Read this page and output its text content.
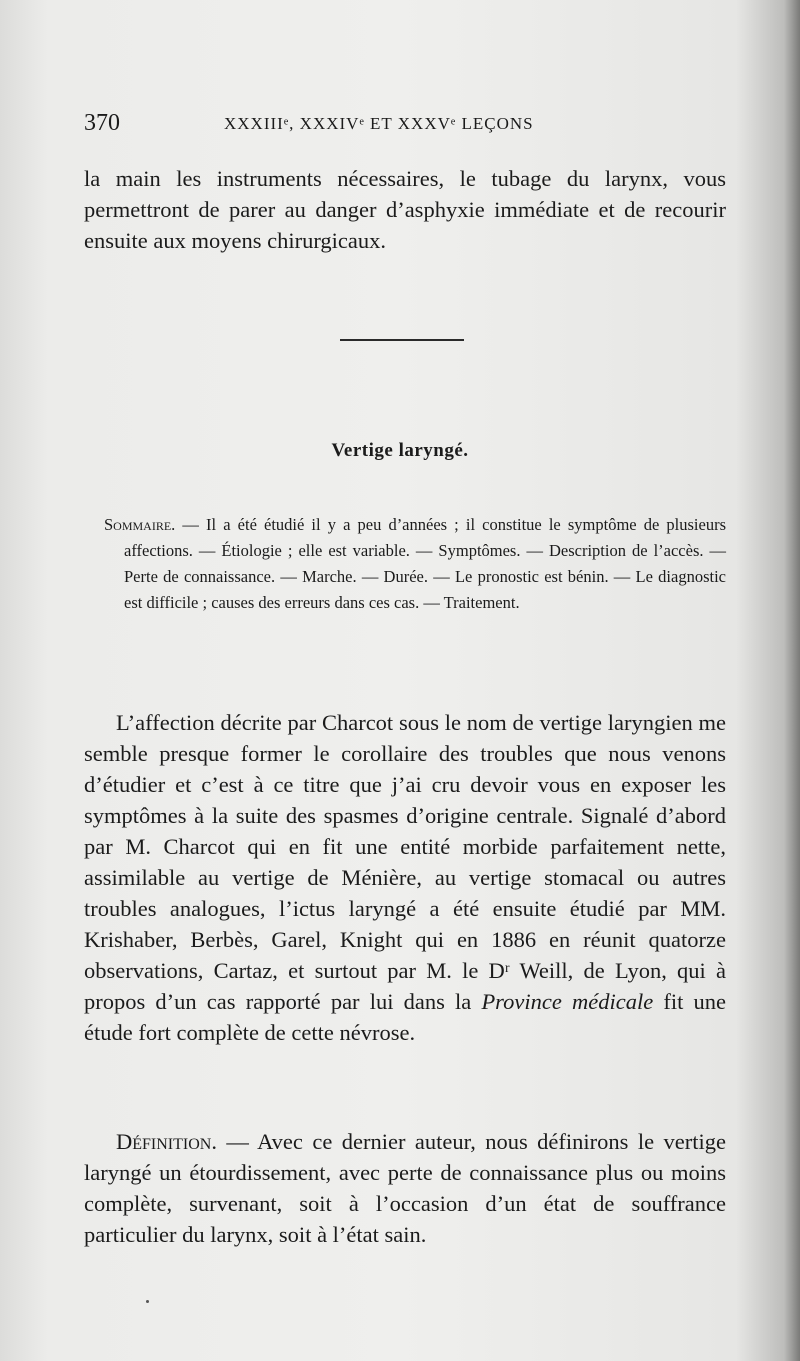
370	XXXIIIᵉ, XXXIVᵉ ET XXXVᵉ LEÇONS

la main les instruments nécessaires, le tubage du larynx, vous permettront de parer au danger d’asphyxie immédiate et de recourir ensuite aux moyens chirurgicaux.

Vertige laryngé.

Sommaire. — Il a été étudié il y a peu d’années ; il constitue le symptôme de plusieurs affections. — Étiologie ; elle est variable. — Symptômes. — Description de l’accès. — Perte de connaissance. — Marche. — Durée. — Le pronostic est bénin. — Le diagnostic est difficile ; causes des erreurs dans ces cas. — Traitement.

L’affection décrite par Charcot sous le nom de vertige laryngien me semble presque former le corollaire des troubles que nous venons d’étudier et c’est à ce titre que j’ai cru devoir vous en exposer les symptômes à la suite des spasmes d’origine centrale. Signalé d’abord par M. Charcot qui en fit une entité morbide parfaitement nette, assimilable au vertige de Ménière, au vertige stomacal ou autres troubles analogues, l’ictus laryngé a été ensuite étudié par MM. Krishaber, Berbès, Garel, Knight qui en 1886 en réunit quatorze observations, Cartaz, et surtout par M. le Dʳ Weill, de Lyon, qui à propos d’un cas rapporté par lui dans la Province médicale fit une étude fort complète de cette névrose.

Définition. — Avec ce dernier auteur, nous définirons le vertige laryngé un étourdissement, avec perte de connaissance plus ou moins complète, survenant, soit à l’occasion d’un état de souffrance particulier du larynx, soit à l’état sain.
